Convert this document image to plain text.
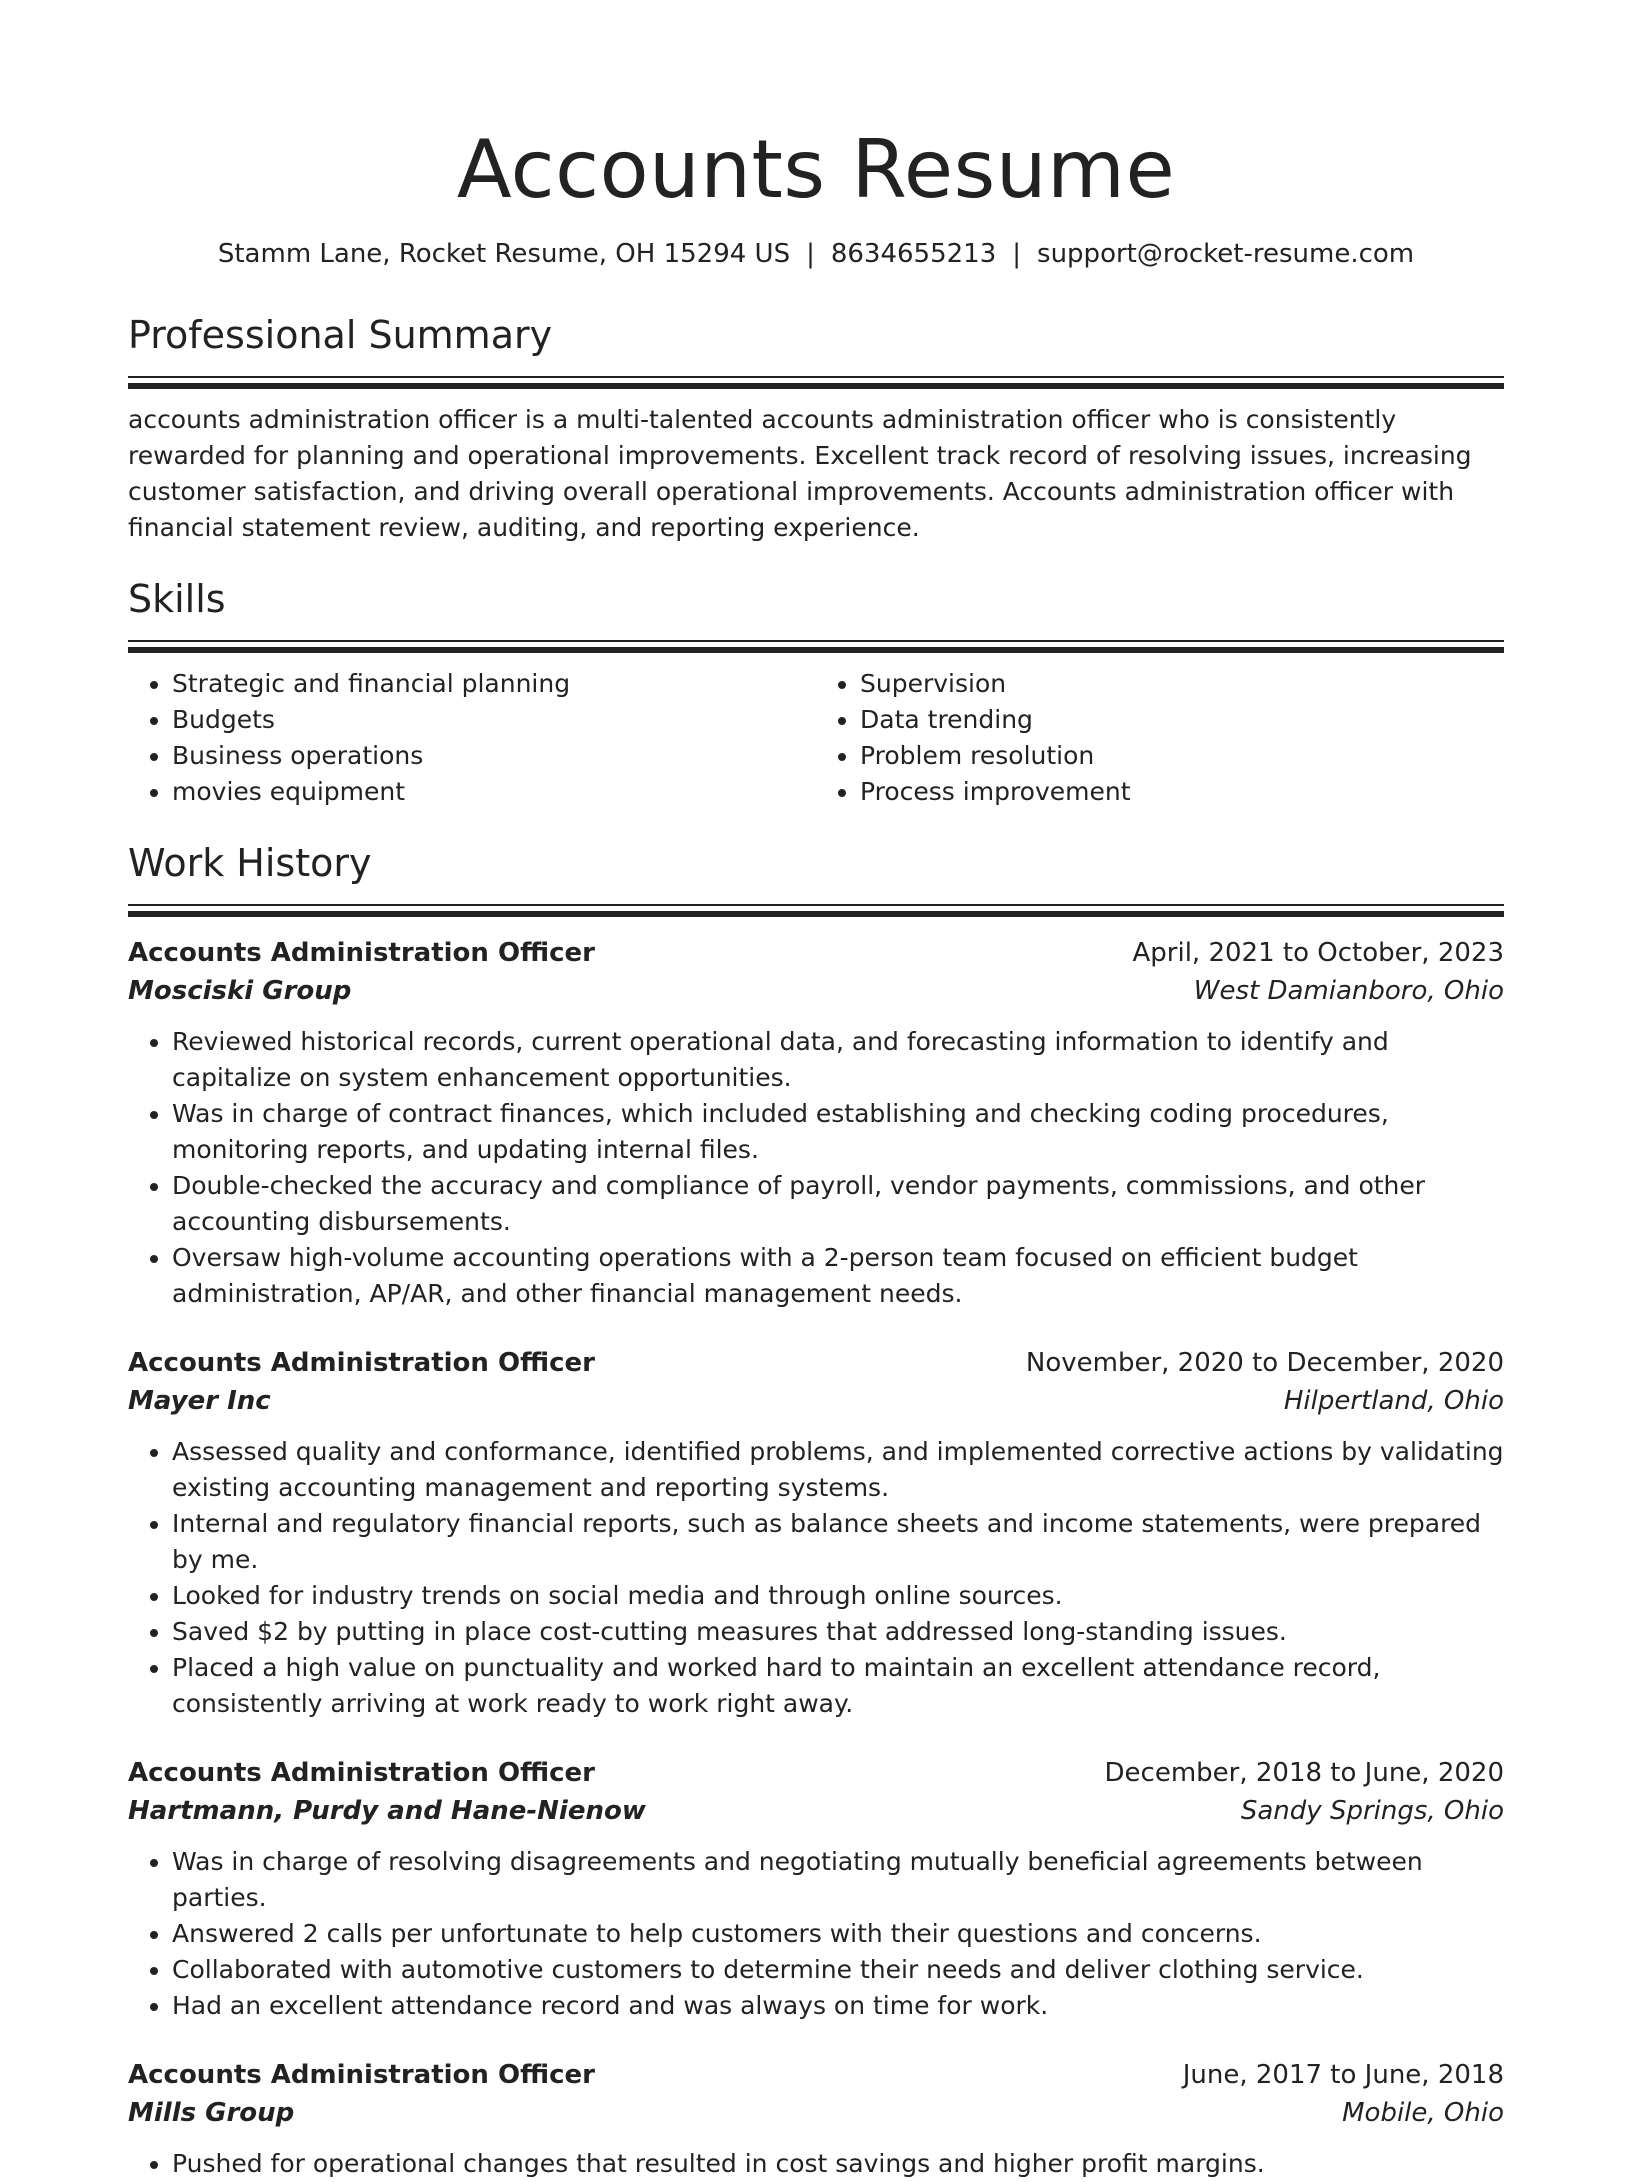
Accounts Resume
Stamm Lane, Rocket Resume, OH 15294 US | 8634655213 | support@rocket-resume.com
Professional Summary

accounts administration officer is a multi-talented accounts administration officer who is consistently rewarded for planning and operational improvements. Excellent track record of resolving issues, increasing customer satisfaction, and driving overall operational improvements. Accounts administration officer with financial statement review, auditing, and reporting experience.

Skills
• Strategic and financial planning
• Budgets
• Business operations
• movies equipment
• Supervision
• Data trending
• Problem resolution
• Process improvement
Work History
Accounts Administration Officer	April, 2021 to October, 2023
Mosciski Group	West Damianboro, Ohio
• Reviewed historical records, current operational data, and forecasting information to identify and capitalize on system enhancement opportunities.
• Was in charge of contract finances, which included establishing and checking coding procedures, monitoring reports, and updating internal files.
• Double-checked the accuracy and compliance of payroll, vendor payments, commissions, and other accounting disbursements.
• Oversaw high-volume accounting operations with a 2-person team focused on efficient budget administration, AP/AR, and other financial management needs.
Accounts Administration Officer	November, 2020 to December, 2020
Mayer Inc	Hilpertland, Ohio
• Assessed quality and conformance, identified problems, and implemented corrective actions by validating existing accounting management and reporting systems.
• Internal and regulatory financial reports, such as balance sheets and income statements, were prepared by me.
• Looked for industry trends on social media and through online sources.
• Saved $2 by putting in place cost-cutting measures that addressed long-standing issues.
• Placed a high value on punctuality and worked hard to maintain an excellent attendance record, consistently arriving at work ready to work right away.
Accounts Administration Officer	December, 2018 to June, 2020
Hartmann, Purdy and Hane-Nienow	Sandy Springs, Ohio
• Was in charge of resolving disagreements and negotiating mutually beneficial agreements between parties.
• Answered 2 calls per unfortunate to help customers with their questions and concerns.
• Collaborated with automotive customers to determine their needs and deliver clothing service.
• Had an excellent attendance record and was always on time for work.
Accounts Administration Officer	June, 2017 to June, 2018
Mills Group	Mobile, Ohio
• Pushed for operational changes that resulted in cost savings and higher profit margins.
